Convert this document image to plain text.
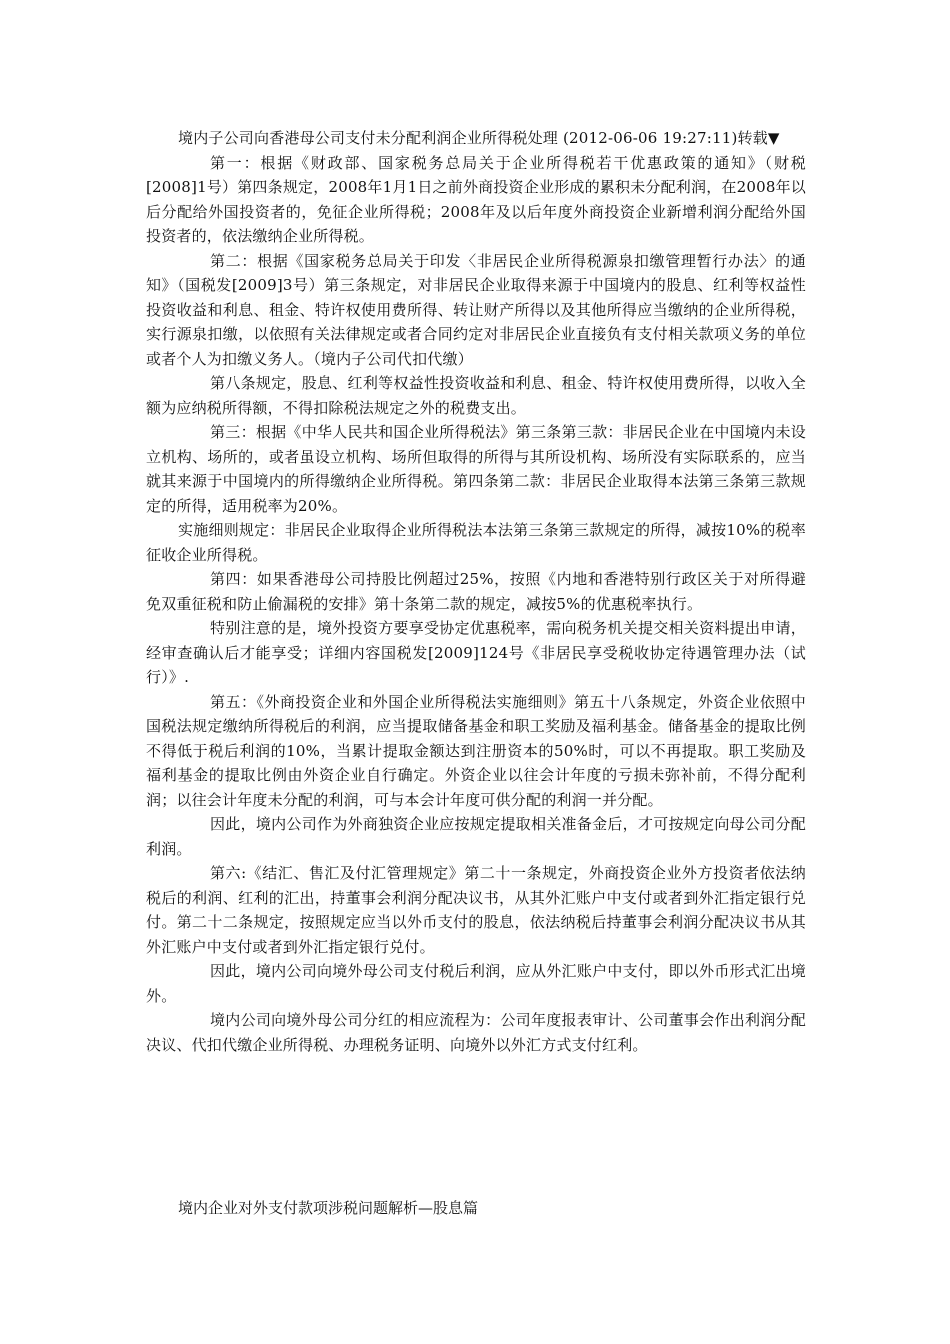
境内子公司向香港母公司支付未分配利润企业所得税处理 (2012-06-06 19:27:11)转载▼

第一：根据《财政部、国家税务总局关于企业所得税若干优惠政策的通知》（财税[2008]1号）第四条规定，2008年1月1日之前外商投资企业形成的累积未分配利润，在2008年以后分配给外国投资者的，免征企业所得税；2008年及以后年度外商投资企业新增利润分配给外国投资者的，依法缴纳企业所得税。

第二：根据《国家税务总局关于印发〈非居民企业所得税源泉扣缴管理暂行办法〉的通知》（国税发[2009]3号）第三条规定，对非居民企业取得来源于中国境内的股息、红利等权益性投资收益和利息、租金、特许权使用费所得、转让财产所得以及其他所得应当缴纳的企业所得税，实行源泉扣缴，以依照有关法律规定或者合同约定对非居民企业直接负有支付相关款项义务的单位或者个人为扣缴义务人。（境内子公司代扣代缴）

第八条规定，股息、红利等权益性投资收益和利息、租金、特许权使用费所得，以收入全额为应纳税所得额，不得扣除税法规定之外的税费支出。

第三：根据《中华人民共和国企业所得税法》第三条第三款：非居民企业在中国境内未设立机构、场所的，或者虽设立机构、场所但取得的所得与其所设机构、场所没有实际联系的，应当就其来源于中国境内的所得缴纳企业所得税。第四条第二款：非居民企业取得本法第三条第三款规定的所得，适用税率为20%。

实施细则规定：非居民企业取得企业所得税法本法第三条第三款规定的所得，减按10%的税率征收企业所得税。

第四：如果香港母公司持股比例超过25%，按照《内地和香港特别行政区关于对所得避免双重征税和防止偷漏税的安排》第十条第二款的规定，减按5%的优惠税率执行。

特别注意的是，境外投资方要享受协定优惠税率，需向税务机关提交相关资料提出申请，经审查确认后才能享受；详细内容国税发[2009]124号《非居民享受税收协定待遇管理办法（试行）》.

第五：《外商投资企业和外国企业所得税法实施细则》第五十八条规定，外资企业依照中国税法规定缴纳所得税后的利润，应当提取储备基金和职工奖励及福利基金。储备基金的提取比例不得低于税后利润的10%，当累计提取金额达到注册资本的50%时，可以不再提取。职工奖励及福利基金的提取比例由外资企业自行确定。外资企业以往会计年度的亏损未弥补前，不得分配利润；以往会计年度未分配的利润，可与本会计年度可供分配的利润一并分配。

因此，境内公司作为外商独资企业应按规定提取相关准备金后，才可按规定向母公司分配利润。

第六:《结汇、售汇及付汇管理规定》第二十一条规定，外商投资企业外方投资者依法纳税后的利润、红利的汇出，持董事会利润分配决议书，从其外汇账户中支付或者到外汇指定银行兑付。第二十二条规定，按照规定应当以外币支付的股息，依法纳税后持董事会利润分配决议书从其外汇账户中支付或者到外汇指定银行兑付。

因此，境内公司向境外母公司支付税后利润，应从外汇账户中支付，即以外币形式汇出境外。

境内公司向境外母公司分红的相应流程为：公司年度报表审计、公司董事会作出利润分配决议、代扣代缴企业所得税、办理税务证明、向境外以外汇方式支付红利。

境内企业对外支付款项涉税问题解析—股息篇
